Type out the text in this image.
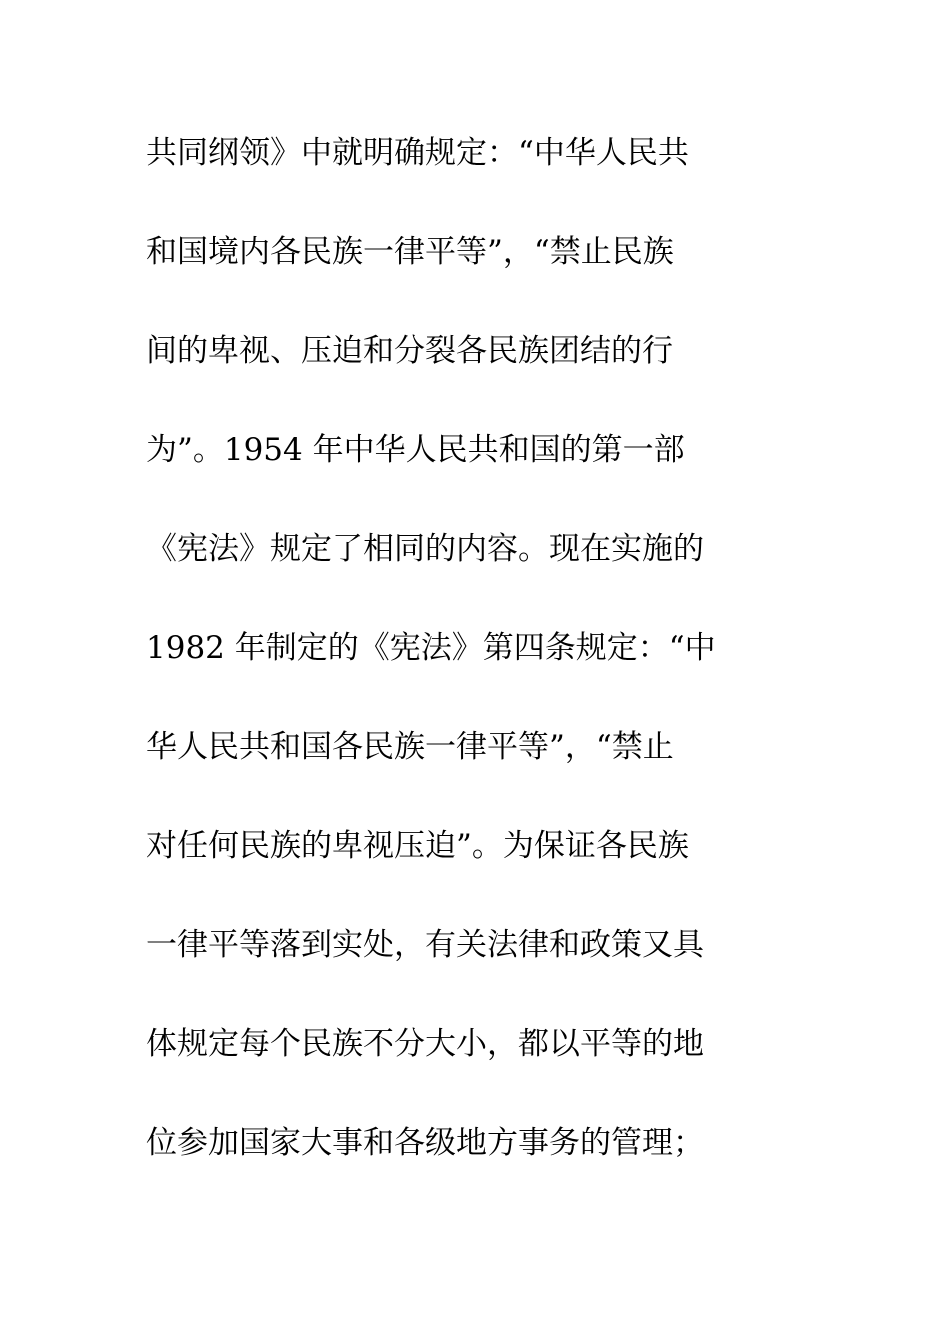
共同纲领》中就明确规定：“中华人民共
和国境内各民族一律平等”，“禁止民族
间的卑视、压迫和分裂各民族团结的行
为”。1954 年中华人民共和国的第一部
《宪法》规定了相同的内容。现在实施的
1982 年制定的《宪法》第四条规定：“中
华人民共和国各民族一律平等”，“禁止
对任何民族的卑视压迫”。为保证各民族
一律平等落到实处，有关法律和政策又具
体规定每个民族不分大小，都以平等的地
位参加国家大事和各级地方事务的管理；
